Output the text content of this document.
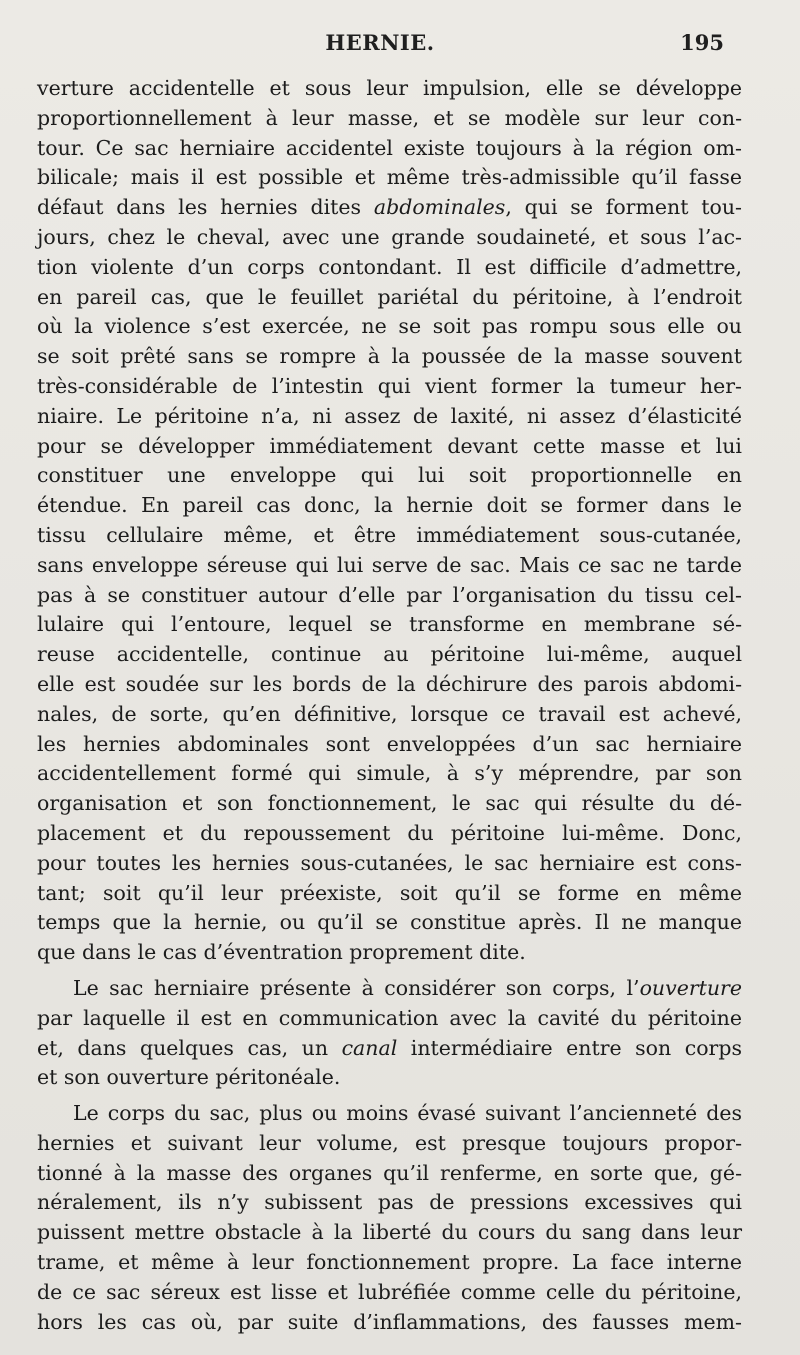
HERNIE.	195
verture accidentelle et sous leur impulsion, elle se développe
proportionnellement à leur masse, et se modèle sur leur con-
tour. Ce sac herniaire accidentel existe toujours à la région om-
bilicale; mais il est possible et même très-admissible qu’il fasse
défaut dans les hernies dites abdominales, qui se forment tou-
jours, chez le cheval, avec une grande soudaineté, et sous l’ac-
tion violente d’un corps contondant. Il est difficile d’admettre,
en pareil cas, que le feuillet pariétal du péritoine, à l’endroit
où la violence s’est exercée, ne se soit pas rompu sous elle ou
se soit prêté sans se rompre à la poussée de la masse souvent
très-considérable de l’intestin qui vient former la tumeur her-
niaire. Le péritoine n’a, ni assez de laxité, ni assez d’élasticité
pour se développer immédiatement devant cette masse et lui
constituer une enveloppe qui lui soit proportionnelle en
étendue. En pareil cas donc, la hernie doit se former dans le
tissu cellulaire même, et être immédiatement sous-cutanée,
sans enveloppe séreuse qui lui serve de sac. Mais ce sac ne tarde
pas à se constituer autour d’elle par l’organisation du tissu cel-
lulaire qui l’entoure, lequel se transforme en membrane sé-
reuse accidentelle, continue au péritoine lui-même, auquel
elle est soudée sur les bords de la déchirure des parois abdomi-
nales, de sorte, qu’en définitive, lorsque ce travail est achevé,
les hernies abdominales sont enveloppées d’un sac herniaire
accidentellement formé qui simule, à s’y méprendre, par son
organisation et son fonctionnement, le sac qui résulte du dé-
placement et du repoussement du péritoine lui-même. Donc,
pour toutes les hernies sous-cutanées, le sac herniaire est cons-
tant; soit qu’il leur préexiste, soit qu’il se forme en même
temps que la hernie, ou qu’il se constitue après. Il ne manque
que dans le cas d’éventration proprement dite.
Le sac herniaire présente à considérer son corps, l’ouverture
par laquelle il est en communication avec la cavité du péritoine
et, dans quelques cas, un canal intermédiaire entre son corps
et son ouverture péritonéale.
Le corps du sac, plus ou moins évasé suivant l’ancienneté des
hernies et suivant leur volume, est presque toujours propor-
tionné à la masse des organes qu’il renferme, en sorte que, gé-
néralement, ils n’y subissent pas de pressions excessives qui
puissent mettre obstacle à la liberté du cours du sang dans leur
trame, et même à leur fonctionnement propre. La face interne
de ce sac séreux est lisse et lubréfiée comme celle du péritoine,
hors les cas où, par suite d’inflammations, des fausses mem-
